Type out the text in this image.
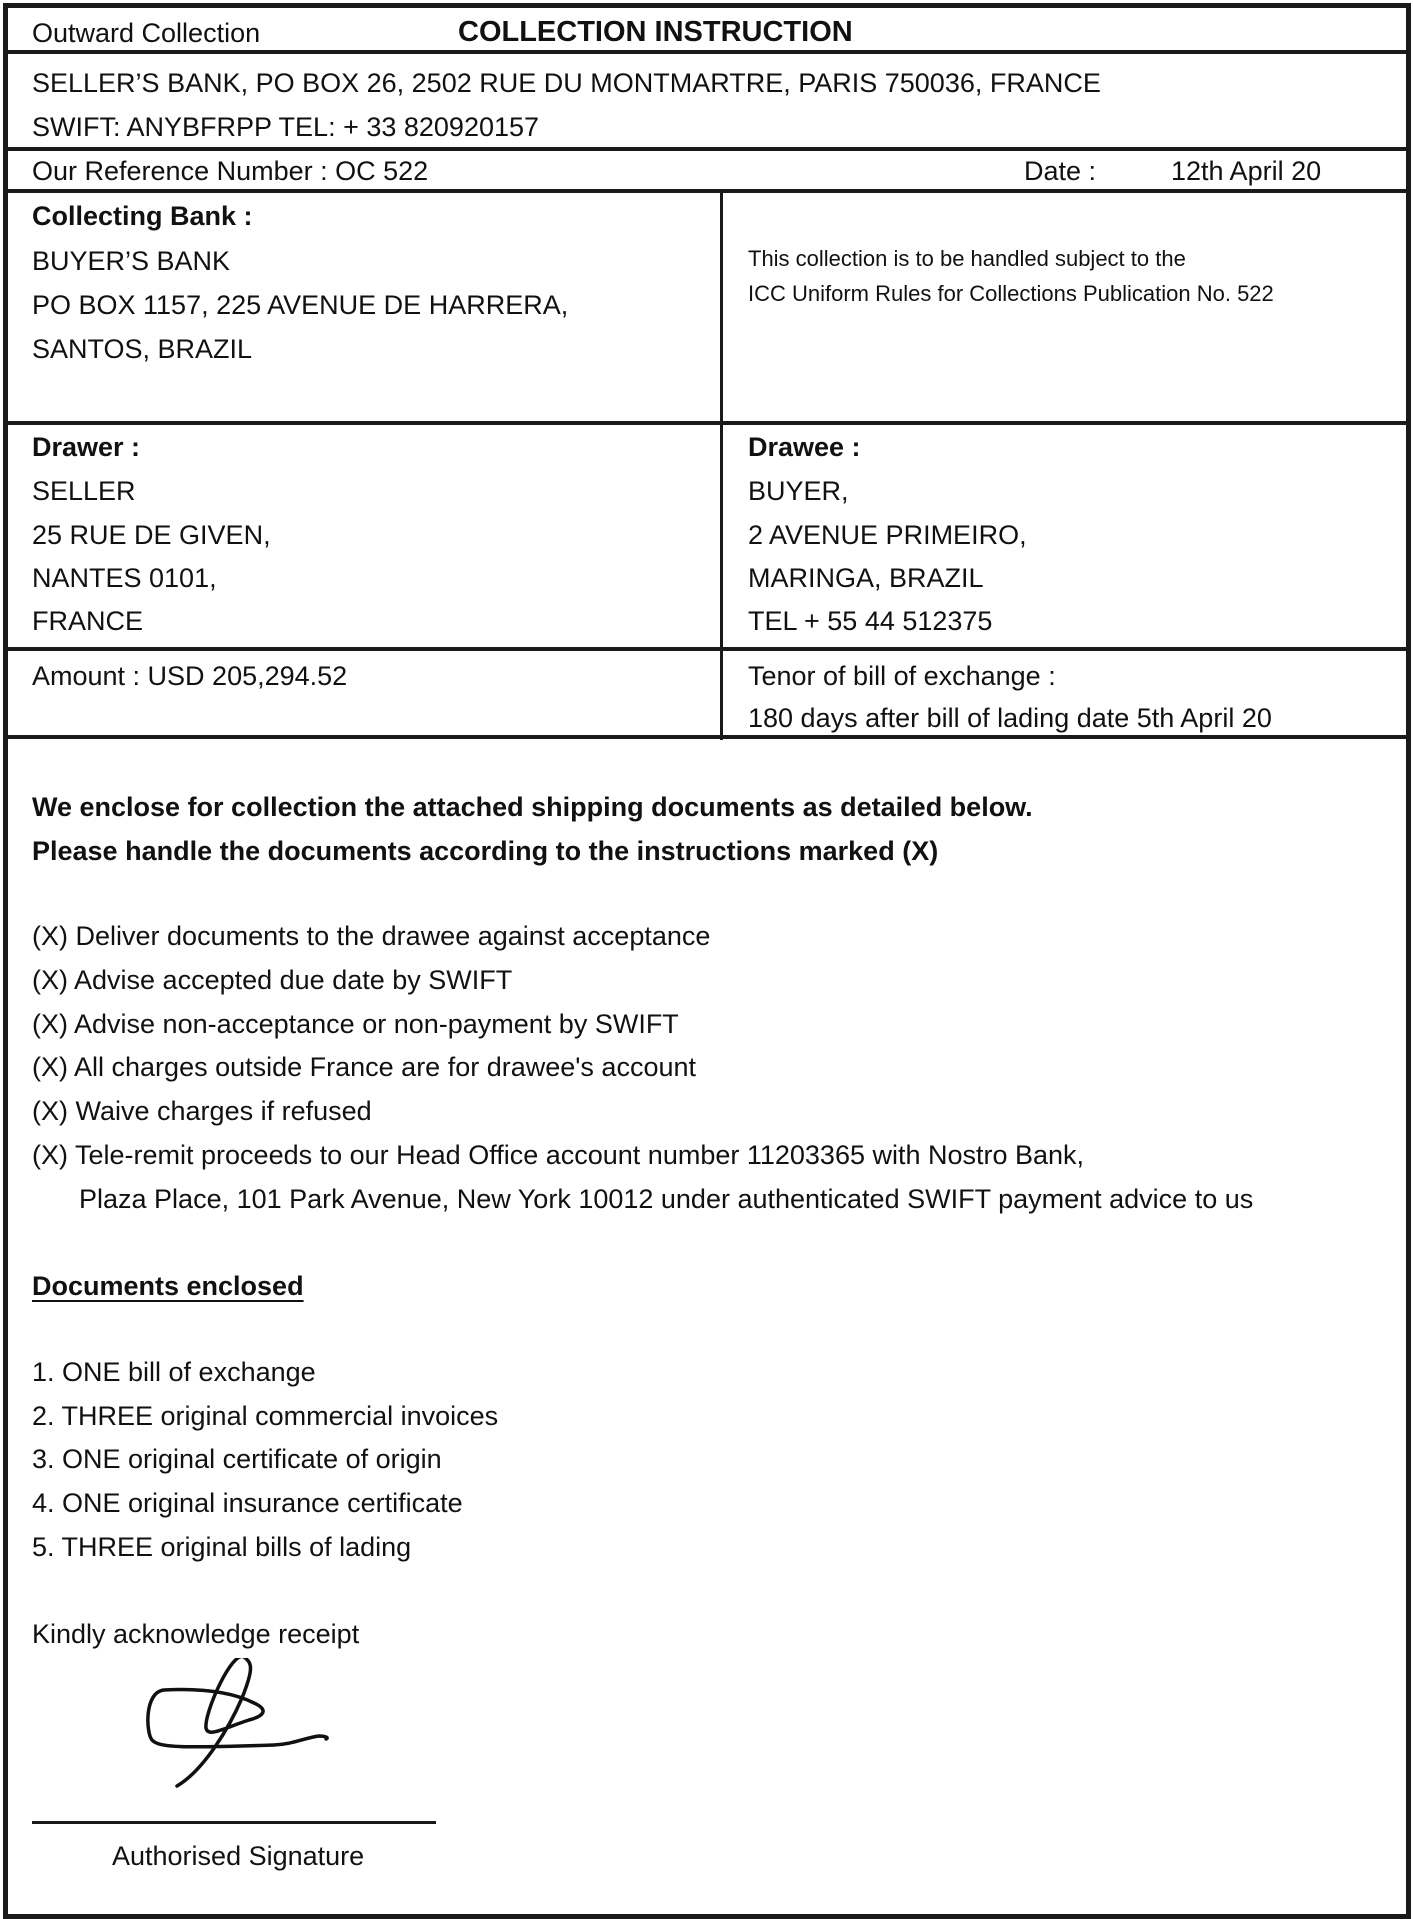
Outward Collection	COLLECTION INSTRUCTION
SELLER’S BANK, PO BOX 26, 2502 RUE DU MONTMARTRE, PARIS 750036, FRANCE
SWIFT: ANYBFRPP TEL: + 33 820920157
Our Reference Number : OC 522	Date :	12th April 20
Collecting Bank :
BUYER’S BANK
PO BOX 1157, 225 AVENUE DE HARRERA,
SANTOS, BRAZIL
This collection is to be handled subject to the
ICC Uniform Rules for Collections Publication No. 522
Drawer :
SELLER
25 RUE DE GIVEN,
NANTES 0101,
FRANCE
Drawee :
BUYER,
2 AVENUE PRIMEIRO,
MARINGA, BRAZIL
TEL + 55 44 512375
Amount : USD 205,294.52	Tenor of bill of exchange :
180 days after bill of lading date 5th April 20
We enclose for collection the attached shipping documents as detailed below.
Please handle the documents according to the instructions marked (X)
(X) Deliver documents to the drawee against acceptance
(X) Advise accepted due date by SWIFT
(X) Advise non-acceptance or non-payment by SWIFT
(X) All charges outside France are for drawee's account
(X) Waive charges if refused
(X) Tele-remit proceeds to our Head Office account number 11203365 with Nostro Bank,
Plaza Place, 101 Park Avenue, New York 10012 under authenticated SWIFT payment advice to us
Documents enclosed
1. ONE bill of exchange
2. THREE original commercial invoices
3. ONE original certificate of origin
4. ONE original insurance certificate
5. THREE original bills of lading
Kindly acknowledge receipt
Authorised Signature
